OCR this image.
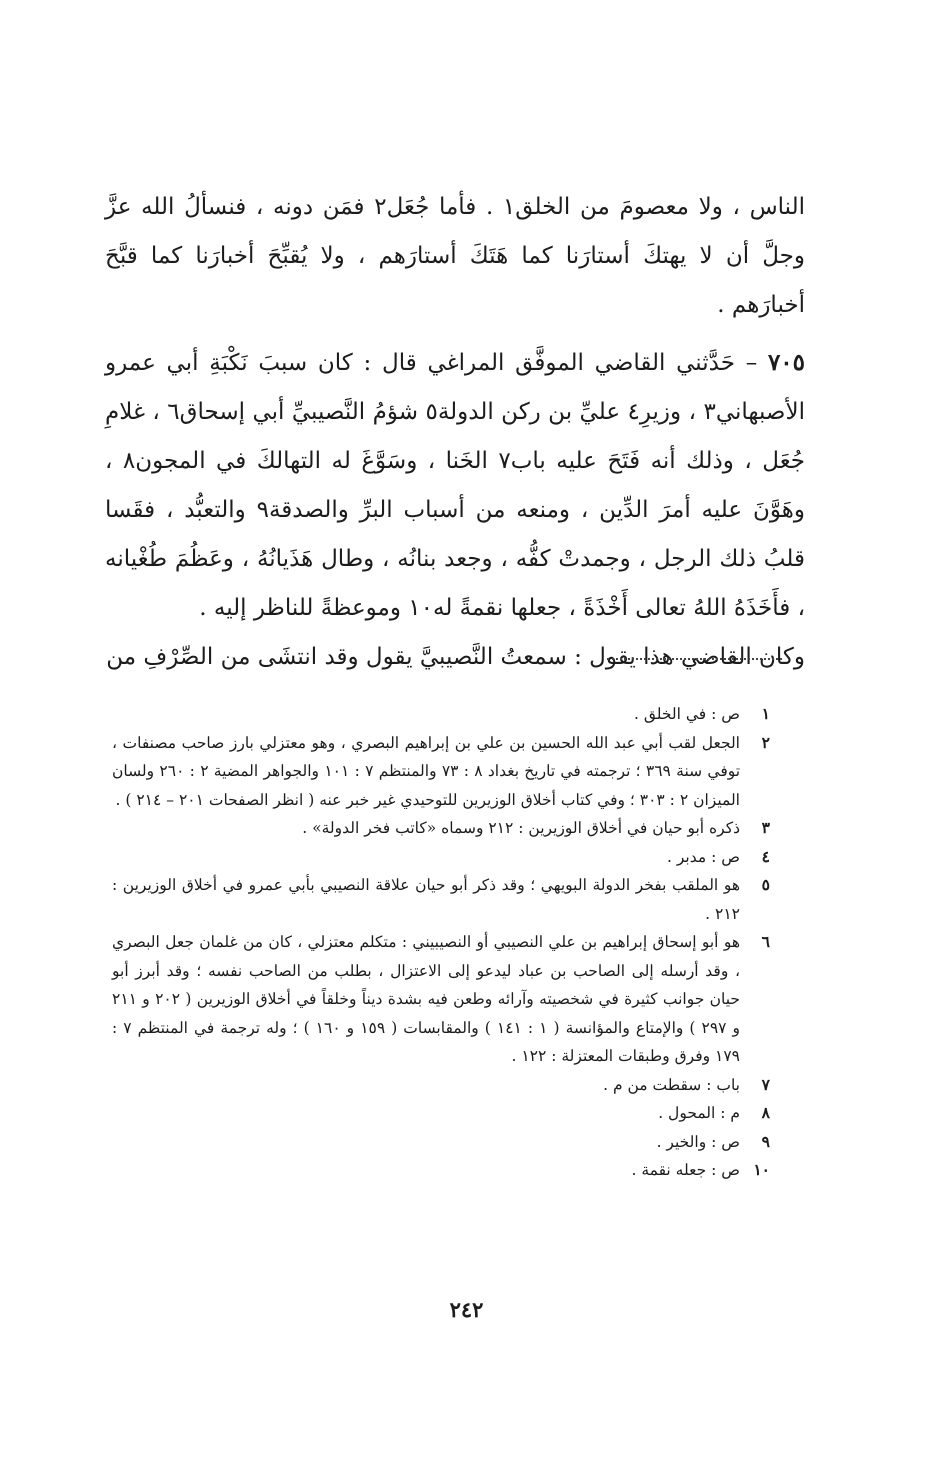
الناس ، ولا معصومَ من الخلق١ . فأما جُعَل٢ فمَن دونه ، فنسألُ الله عزَّ وجلَّ أن لا يهتكَ أستارَنا كما هَتَكَ أستارَهم ، ولا يُقبِّحَ أخبارَنا كما قبَّحَ أخبارَهم .

٧٠٥ – حَدَّثني القاضي الموفَّق المراغي قال : كان سببَ نَكْبَةِ أبي عمرو الأصبهاني٣ ، وزيرِ٤ عليِّ بن ركن الدولة٥ شؤمُ النَّصيبيِّ أبي إسحاق٦ ، غلامِ جُعَل ، وذلك أنه فَتَحَ عليه باب٧ الخَنا ، وسَوَّغَ له التهالكَ في المجون٨ ، وهَوَّنَ عليه أمرَ الدِّين ، ومنعه من أسباب البرِّ والصدقة٩ والتعبُّد ، فقَسا قلبُ ذلك الرجل ، وجمدتْ كفُّه ، وجعد بنانُه ، وطال هَذَيانُهُ ، وعَظُمَ طُغْيانه ، فأَخَذَهُ اللهُ تعالى أَخْذَةً ، جعلها نقمةً له١٠ وموعظةً للناظر إليه .

وكان القاضي هذا يقول : سمعتُ النَّصيبيَّ يقول وقد انتشَى من الصِّرْفِ من

١
ص : في الخلق .
٢
الجعل لقب أبي عبد الله الحسين بن علي بن إبراهيم البصري ، وهو معتزلي بارز صاحب مصنفات ، توفي سنة ٣٦٩ ؛ ترجمته في تاريخ بغداد ٨ : ٧٣ والمنتظم ٧ : ١٠١ والجواهر المضية ٢ : ٢٦٠ ولسان الميزان ٢ : ٣٠٣ ؛ وفي كتاب أخلاق الوزيرين للتوحيدي غير خبر عنه ( انظر الصفحات ٢٠١ – ٢١٤ ) .
٣
ذكره أبو حيان في أخلاق الوزيرين : ٢١٢ وسماه «كاتب فخر الدولة» .
٤
ص : مدبر .
٥
هو الملقب بفخر الدولة البويهي ؛ وقد ذكر أبو حيان علاقة النصيبي بأبي عمرو في أخلاق الوزيرين : ٢١٢ .
٦
هو أبو إسحاق إبراهيم بن علي النصيبي أو النصيبيني : متكلم معتزلي ، كان من غلمان جعل البصري ، وقد أرسله إلى الصاحب بن عباد ليدعو إلى الاعتزال ، بطلب من الصاحب نفسه ؛ وقد أبرز أبو حيان جوانب كثيرة في شخصيته وآرائه وطعن فيه بشدة ديناً وخلقاً في أخلاق الوزيرين ( ٢٠٢ و ٢١١ و ٢٩٧ ) والإمتاع والمؤانسة ( ١ : ١٤١ ) والمقابسات ( ١٥٩ و ١٦٠ ) ؛ وله ترجمة في المنتظم ٧ : ١٧٩ وفرق وطبقات المعتزلة : ١٢٢ .
٧
باب : سقطت من م .
٨
م : المحول .
٩
ص : والخير .
١٠
ص : جعله نقمة .
٢٤٢
